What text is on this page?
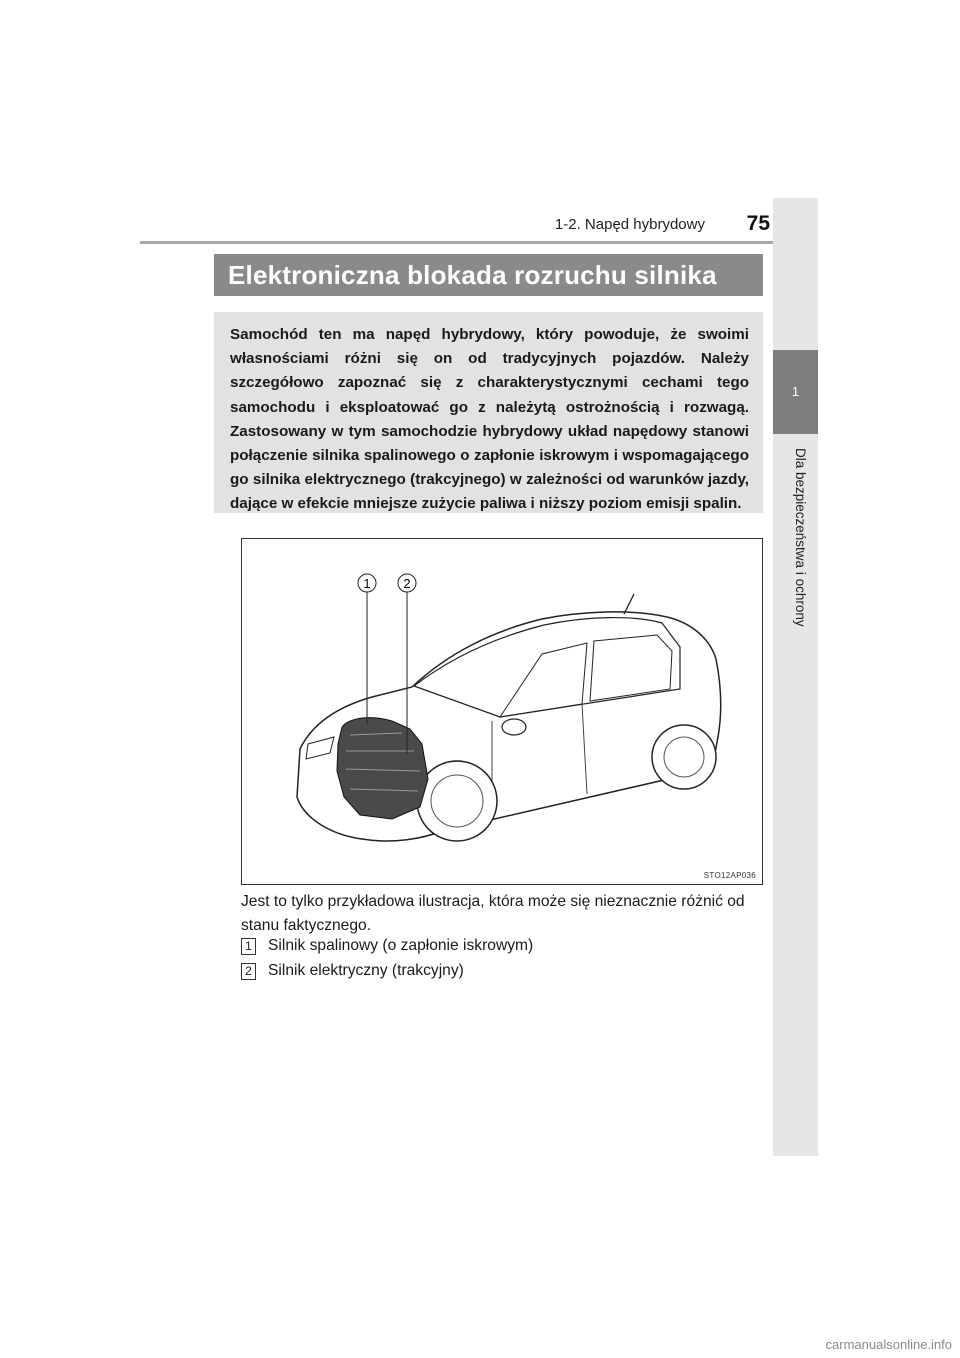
1-2. Napęd hybrydowy	75
1
Dla bezpieczeństwa i ochrony
Elektroniczna blokada rozruchu silnika

Samochód ten ma napęd hybrydowy, który powoduje, że swoimi własnościami różni się on od tradycyjnych pojazdów. Należy szczegółowo zapoznać się z charakterystycznymi cechami tego samochodu i eksploatować go z należytą ostrożnością i rozwagą. Zastosowany w tym samochodzie hybrydowy układ napędowy stanowi połączenie silnika spalinowego o zapłonie iskrowym i wspomagającego go silnika elektrycznego (trakcyjnego) w zależności od warunków jazdy, dające w efekcie mniejsze zużycie paliwa i niższy poziom emisji spalin.

1	2
STO12AP036

Jest to tylko przykładowa ilustracja, która może się nieznacznie różnić od stanu faktycznego.

1 Silnik spalinowy (o zapłonie iskrowym)
2 Silnik elektryczny (trakcyjny)
carmanualsonline.info
